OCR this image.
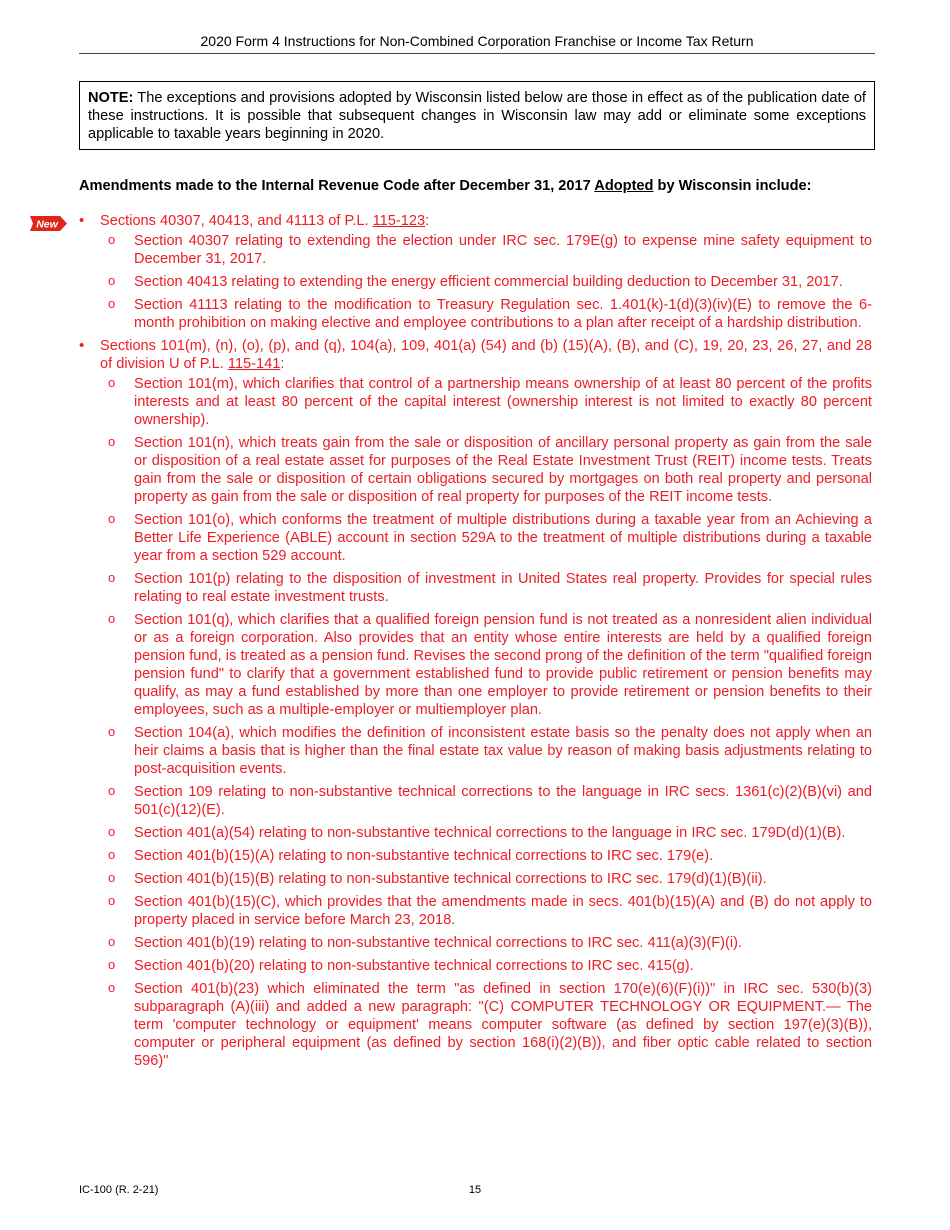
2020 Form 4 Instructions for Non-Combined Corporation Franchise or Income Tax Return
NOTE: The exceptions and provisions adopted by Wisconsin listed below are those in effect as of the publication date of these instructions. It is possible that subsequent changes in Wisconsin law may add or eliminate some exceptions applicable to taxable years beginning in 2020.
Amendments made to the Internal Revenue Code after December 31, 2017 Adopted by Wisconsin include:
New
•	Sections 40307, 40413, and 41113 of P.L. 115-123:
o Section 40307 relating to extending the election under IRC sec. 179E(g) to expense mine safety equipment to December 31, 2017.
o Section 40413 relating to extending the energy efficient commercial building deduction to December 31, 2017.
o Section 41113 relating to the modification to Treasury Regulation sec. 1.401(k)-1(d)(3)(iv)(E) to remove the 6-month prohibition on making elective and employee contributions to a plan after receipt of a hardship distribution.
• Sections 101(m), (n), (o), (p), and (q), 104(a), 109, 401(a) (54) and (b) (15)(A), (B), and (C), 19, 20, 23, 26, 27, and 28 of division U of P.L. 115-141:
o Section 101(m), which clarifies that control of a partnership means ownership of at least 80 percent of the profits interests and at least 80 percent of the capital interest (ownership interest is not limited to exactly 80 percent ownership).
o Section 101(n), which treats gain from the sale or disposition of ancillary personal property as gain from the sale or disposition of a real estate asset for purposes of the Real Estate Investment Trust (REIT) income tests. Treats gain from the sale or disposition of certain obligations secured by mortgages on both real property and personal property as gain from the sale or disposition of real property for purposes of the REIT income tests.
o Section 101(o), which conforms the treatment of multiple distributions during a taxable year from an Achieving a Better Life Experience (ABLE) account in section 529A to the treatment of multiple distributions during a taxable year from a section 529 account.
o Section 101(p) relating to the disposition of investment in United States real property. Provides for special rules relating to real estate investment trusts.
o Section 101(q), which clarifies that a qualified foreign pension fund is not treated as a nonresident alien individual or as a foreign corporation. Also provides that an entity whose entire interests are held by a qualified foreign pension fund, is treated as a pension fund. Revises the second prong of the definition of the term "qualified foreign pension fund" to clarify that a government established fund to provide public retirement or pension benefits may qualify, as may a fund established by more than one employer to provide retirement or pension benefits to their employees, such as a multiple-employer or multiemployer plan.
o Section 104(a), which modifies the definition of inconsistent estate basis so the penalty does not apply when an heir claims a basis that is higher than the final estate tax value by reason of making basis adjustments relating to post-acquisition events.
o Section 109 relating to non-substantive technical corrections to the language in IRC secs. 1361(c)(2)(B)(vi) and 501(c)(12)(E).
o Section 401(a)(54) relating to non-substantive technical corrections to the language in IRC sec. 179D(d)(1)(B).
o Section 401(b)(15)(A) relating to non-substantive technical corrections to IRC sec. 179(e).
o Section 401(b)(15)(B) relating to non-substantive technical corrections to IRC sec. 179(d)(1)(B)(ii).
o Section 401(b)(15)(C), which provides that the amendments made in secs. 401(b)(15)(A) and (B) do not apply to property placed in service before March 23, 2018.
o Section 401(b)(19) relating to non-substantive technical corrections to IRC sec. 411(a)(3)(F)(i).
o Section 401(b)(20) relating to non-substantive technical corrections to IRC sec. 415(g).
o Section 401(b)(23) which eliminated the term "as defined in section 170(e)(6)(F)(i))" in IRC sec. 530(b)(3) subparagraph (A)(iii) and added a new paragraph: "(C) COMPUTER TECHNOLOGY OR EQUIPMENT.— The term 'computer technology or equipment' means computer software (as defined by section 197(e)(3)(B)), computer or peripheral equipment (as defined by section 168(i)(2)(B)), and fiber optic cable related to section 596)"
IC-100 (R. 2-21)	15
